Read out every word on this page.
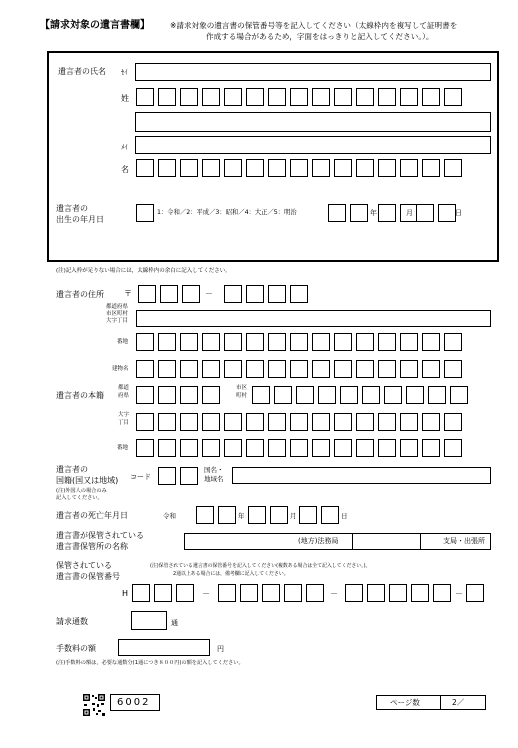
【請求対象の遺言書欄】	※請求対象の遺言書の保管番号等を記入してください（太線枠内を複写して証明書を
作成する場合があるため，字面をはっきりと記入してください。）。
遺言者の氏名 ｾｲ
姓
ﾒｲ
名
遺言者の
出生の年月日
1：令和／2：平成／3：昭和／4：大正／5：明治	年	月	日
(注)記入枠が足りない場合には，太線枠内の余白に記入してください。
遺言者の住所	〒	－
都道府県
市区町村
大字丁目
番地
建物名
遺言者の本籍
都道
府県
市区
町村
大字
丁目
番地
遺言者の
国籍(国又は地域)
(注)外国人の場合のみ
記入してください。
コード
国名・
地域名
遺言者の死亡年月日	令和	年	月	日
遺言書が保管されている
遺言書保管所の名称
(地方)法務局	支局・出張所
保管されている
遺言書の保管番号
(注)保管されている遺言書の保管番号を記入してください(複数ある場合は全て記入してください。)。
2通以上ある場合には，備考欄に記入してください。
H	－	－	－
請求通数	通
手数料の額	円
(注)手数料の額は，必要な通数分(1通につき８００円)の額を記入してください。
6002	ページ数	2／
